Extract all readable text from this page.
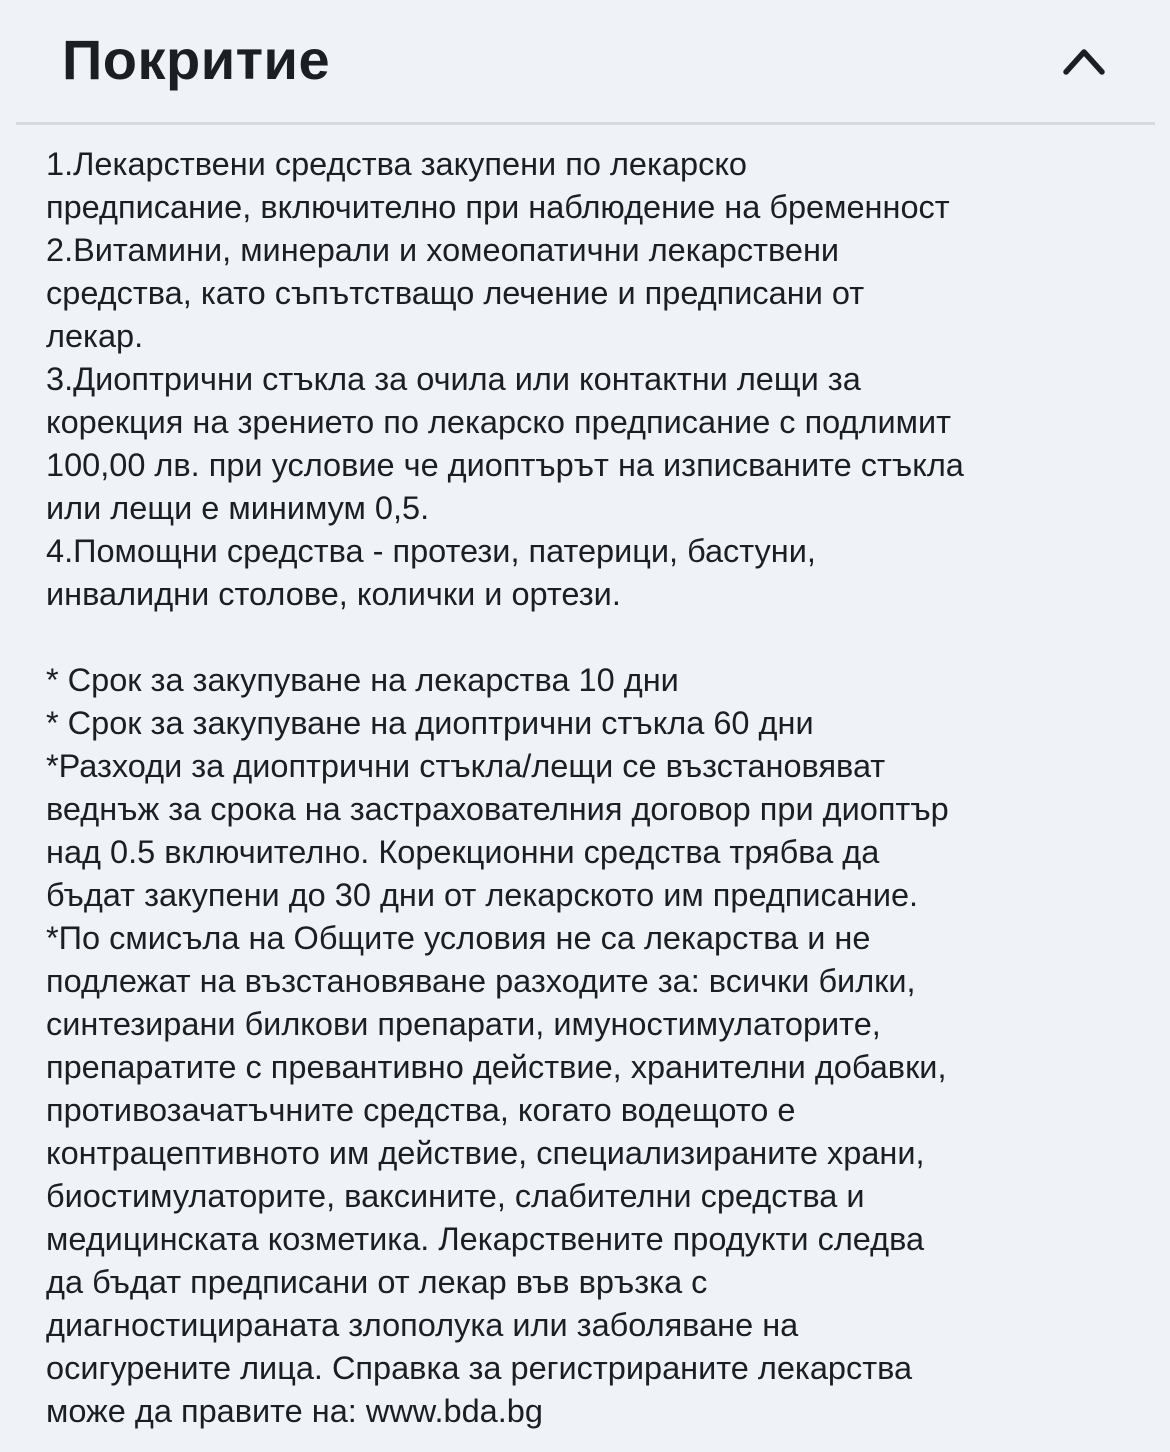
Покритие
1.Лекарствени средства закупени по лекарско
предписание, включително при наблюдение на бременност
2.Витамини, минерали и хомеопатични лекарствени
средства, като съпътстващо лечение и предписани от
лекар.
3.Диоптрични стъкла за очила или контактни лещи за
корекция на зрението по лекарско предписание с подлимит
100,00 лв. при условие че диоптърът на изписваните стъкла
или лещи е минимум 0,5.
4.Помощни средства - протези, патерици, бастуни,
инвалидни столове, колички и ортези.
* Срок за закупуване на лекарства 10 дни
* Срок за закупуване на диоптрични стъкла 60 дни
*Разходи за диоптрични стъкла/лещи се възстановяват
веднъж за срока на застрахователния договор при диоптър
над 0.5 включително. Корекционни средства трябва да
бъдат закупени до 30 дни от лекарското им предписание.
*По смисъла на Общите условия не са лекарства и не
подлежат на възстановяване разходите за: всички билки,
синтезирани билкови препарати, имуностимулаторите,
препаратите с превантивно действие, хранителни добавки,
противозачатъчните средства, когато водещото е
контрацептивното им действие, специализираните храни,
биостимулаторите, ваксините, слабителни средства и
медицинската козметика. Лекарствените продукти следва
да бъдат предписани от лекар във връзка с
диагностицираната злополука или заболяване на
осигурените лица. Справка за регистрираните лекарства
може да правите на: www.bda.bg
